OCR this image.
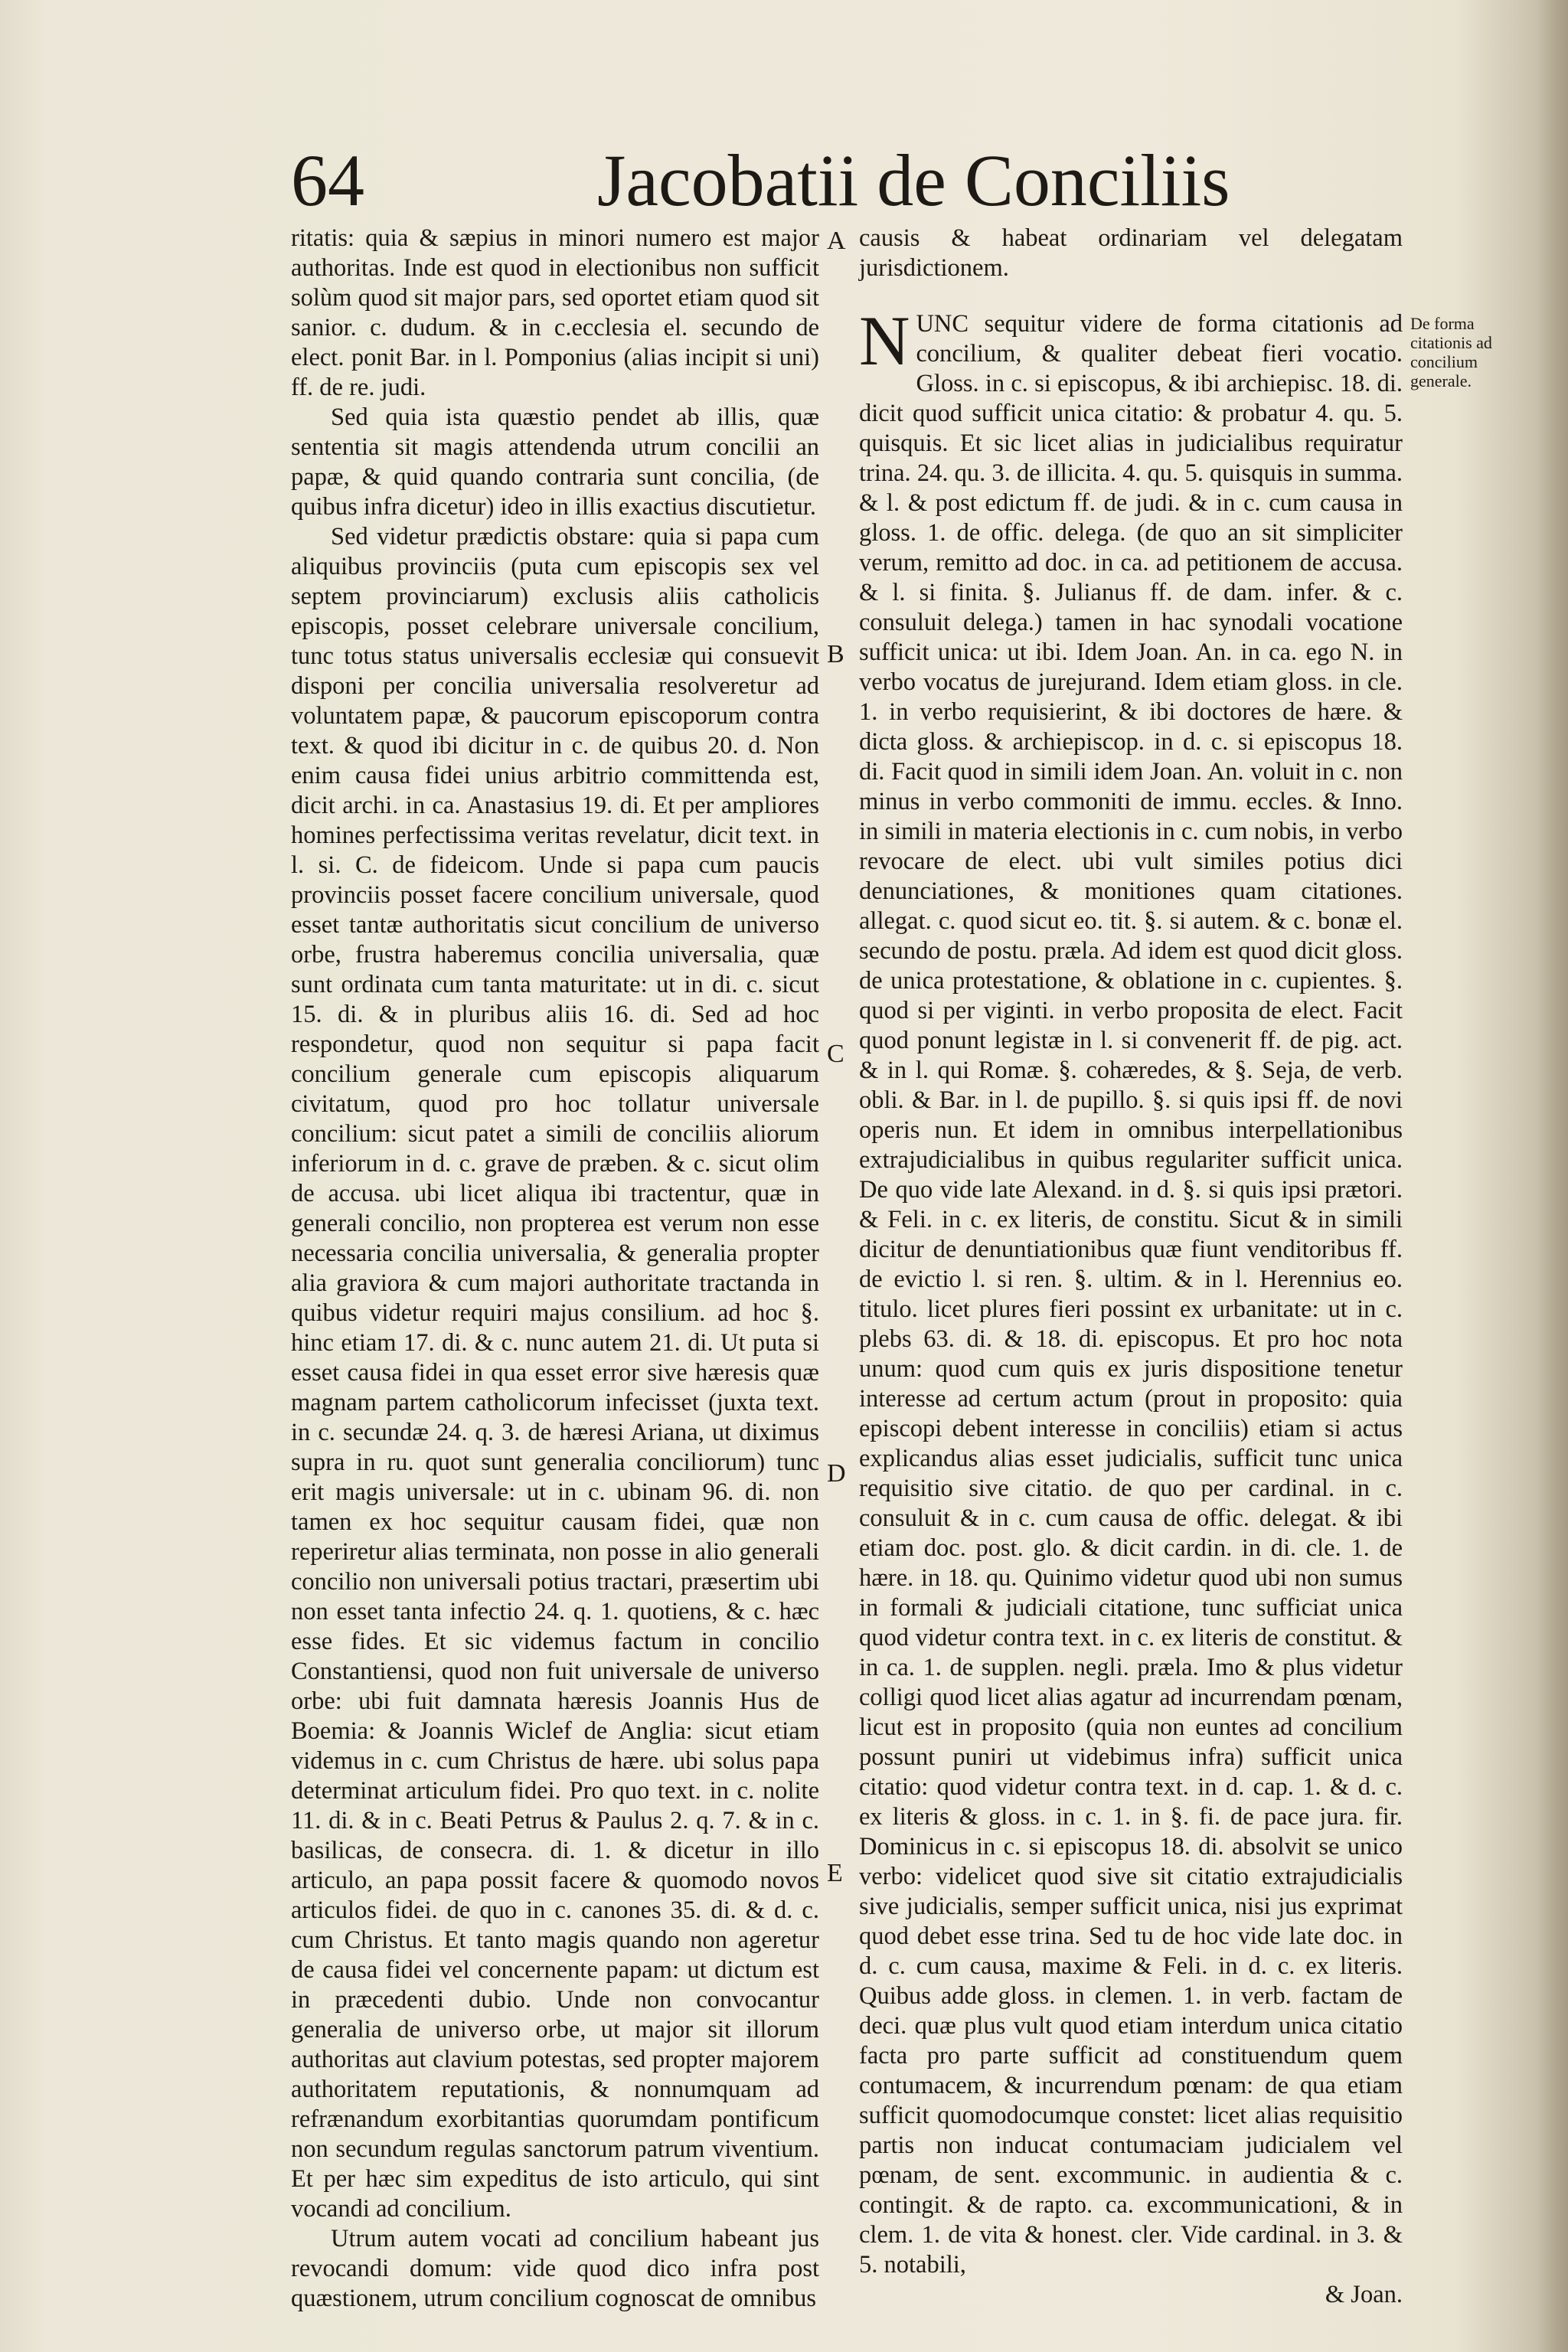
64	Jacobatii de Conciliis

ritatis: quia & sæpius in minori numero est major authoritas. Inde est quod in electionibus non sufficit solùm quod sit major pars, sed oportet etiam quod sit sanior. c. dudum. & in c.ecclesia el. secundo de elect. ponit Bar. in l. Pomponius (alias incipit si uni) ff. de re. judi.

Sed quia ista quæstio pendet ab illis, quæ sententia sit magis attendenda utrum concilii an papæ, & quid quando contraria sunt concilia, (de quibus infra dicetur) ideo in illis exactius discutietur.

Sed videtur prædictis obstare: quia si papa cum aliquibus provinciis (puta cum episcopis sex vel septem provinciarum) exclusis aliis catholicis episcopis, posset celebrare universale concilium, tunc totus status universalis ecclesiæ qui consuevit disponi per concilia universalia resolveretur ad voluntatem papæ, & paucorum episcoporum contra text. & quod ibi dicitur in c. de quibus 20. d. Non enim causa fidei unius arbitrio committenda est, dicit archi. in ca. Anastasius 19. di. Et per ampliores homines perfectissima veritas revelatur, dicit text. in l. si. C. de fideicom. Unde si papa cum paucis provinciis posset facere concilium universale, quod esset tantæ authoritatis sicut concilium de universo orbe, frustra haberemus concilia universalia, quæ sunt ordinata cum tanta maturitate: ut in di. c. sicut 15. di. & in pluribus aliis 16. di. Sed ad hoc respondetur, quod non sequitur si papa facit concilium generale cum episcopis aliquarum civitatum, quod pro hoc tollatur universale concilium: sicut patet a simili de conciliis aliorum inferiorum in d. c. grave de præben. & c. sicut olim de accusa. ubi licet aliqua ibi tractentur, quæ in generali concilio, non propterea est verum non esse necessaria concilia universalia, & generalia propter alia graviora & cum majori authoritate tractanda in quibus videtur requiri majus consilium. ad hoc §. hinc etiam 17. di. & c. nunc autem 21. di. Ut puta si esset causa fidei in qua esset error sive hæresis quæ magnam partem catholicorum infecisset (juxta text. in c. secundæ 24. q. 3. de hæresi Ariana, ut diximus supra in ru. quot sunt generalia conciliorum) tunc erit magis universale: ut in c. ubinam 96. di. non tamen ex hoc sequitur causam fidei, quæ non reperiretur alias terminata, non posse in alio generali concilio non universali potius tractari, præsertim ubi non esset tanta infectio 24. q. 1. quotiens, & c. hæc esse fides. Et sic videmus factum in concilio Constantiensi, quod non fuit universale de universo orbe: ubi fuit damnata hæresis Joannis Hus de Boemia: & Joannis Wiclef de Anglia: sicut etiam videmus in c. cum Christus de hære. ubi solus papa determinat articulum fidei. Pro quo text. in c. nolite 11. di. & in c. Beati Petrus & Paulus 2. q. 7. & in c. basilicas, de consecra. di. 1. & dicetur in illo articulo, an papa possit facere & quomodo novos articulos fidei. de quo in c. canones 35. di. & d. c. cum Christus. Et tanto magis quando non ageretur de causa fidei vel concernente papam: ut dictum est in præcedenti dubio. Unde non convocantur generalia de universo orbe, ut major sit illorum authoritas aut clavium potestas, sed propter majorem authoritatem reputationis, & nonnumquam ad refrænandum exorbitantias quorumdam pontificum non secundum regulas sanctorum patrum viventium. Et per hæc sim expeditus de isto articulo, qui sint vocandi ad concilium.

Utrum autem vocati ad concilium habeant jus revocandi domum: vide quod dico infra post quæstionem, utrum concilium cognoscat de omnibus

A
B
C
D
E

causis & habeat ordinariam vel delegatam jurisdictionem.

NUNC sequitur videre de forma citationis ad concilium, & qualiter debeat fieri vocatio. Gloss. in c. si episcopus, & ibi archiepisc. 18. di. dicit quod sufficit unica citatio: & probatur 4. qu. 5. quisquis. Et sic licet alias in judicialibus requiratur trina. 24. qu. 3. de illicita. 4. qu. 5. quisquis in summa. & l. & post edictum ff. de judi. & in c. cum causa in gloss. 1. de offic. delega. (de quo an sit simpliciter verum, remitto ad doc. in ca. ad petitionem de accusa. & l. si finita. §. Julianus ff. de dam. infer. & c. consuluit delega.) tamen in hac synodali vocatione sufficit unica: ut ibi. Idem Joan. An. in ca. ego N. in verbo vocatus de jurejurand. Idem etiam gloss. in cle. 1. in verbo requisierint, & ibi doctores de hære. & dicta gloss. & archiepiscop. in d. c. si episcopus 18. di. Facit quod in simili idem Joan. An. voluit in c. non minus in verbo commoniti de immu. eccles. & Inno. in simili in materia electionis in c. cum nobis, in verbo revocare de elect. ubi vult similes potius dici denunciationes, & monitiones quam citationes. allegat. c. quod sicut eo. tit. §. si autem. & c. bonæ el. secundo de postu. præla. Ad idem est quod dicit gloss. de unica protestatione, & oblatione in c. cupientes. §. quod si per viginti. in verbo proposita de elect. Facit quod ponunt legistæ in l. si convenerit ff. de pig. act. & in l. qui Romæ. §. cohæredes, & §. Seja, de verb. obli. & Bar. in l. de pupillo. §. si quis ipsi ff. de novi operis nun. Et idem in omnibus interpellationibus extrajudicialibus in quibus regulariter sufficit unica. De quo vide late Alexand. in d. §. si quis ipsi prætori. & Feli. in c. ex literis, de constitu. Sicut & in simili dicitur de denuntiationibus quæ fiunt venditoribus ff. de evictio l. si ren. §. ultim. & in l. Herennius eo. titulo. licet plures fieri possint ex urbanitate: ut in c. plebs 63. di. & 18. di. episcopus. Et pro hoc nota unum: quod cum quis ex juris dispositione tenetur interesse ad certum actum (prout in proposito: quia episcopi debent interesse in conciliis) etiam si actus explicandus alias esset judicialis, sufficit tunc unica requisitio sive citatio. de quo per cardinal. in c. consuluit & in c. cum causa de offic. delegat. & ibi etiam doc. post. glo. & dicit cardin. in di. cle. 1. de hære. in 18. qu. Quinimo videtur quod ubi non sumus in formali & judiciali citatione, tunc sufficiat unica quod videtur contra text. in c. ex literis de constitut. & in ca. 1. de supplen. negli. præla. Imo & plus videtur colligi quod licet alias agatur ad incurrendam pœnam, licut est in proposito (quia non euntes ad concilium possunt puniri ut videbimus infra) sufficit unica citatio: quod videtur contra text. in d. cap. 1. & d. c. ex literis & gloss. in c. 1. in §. fi. de pace jura. fir. Dominicus in c. si episcopus 18. di. absolvit se unico verbo: videlicet quod sive sit citatio extrajudicialis sive judicialis, semper sufficit unica, nisi jus exprimat quod debet esse trina. Sed tu de hoc vide late doc. in d. c. cum causa, maxime & Feli. in d. c. ex literis. Quibus adde gloss. in clemen. 1. in verb. factam de deci. quæ plus vult quod etiam interdum unica citatio facta pro parte sufficit ad constituendum quem contumacem, & incurrendum pœnam: de qua etiam sufficit quomodocumque constet: licet alias requisitio partis non inducat contumaciam judicialem vel pœnam, de sent. excommunic. in audientia & c. contingit. & de rapto. ca. excommunicationi, & in clem. 1. de vita & honest. cler. Vide cardinal. in 3. & 5. notabili,

& Joan.

De forma citationis ad concilium generale.
